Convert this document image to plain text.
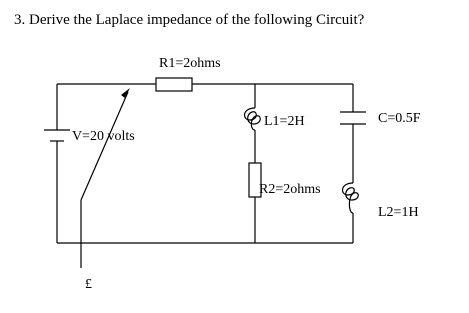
3. Derive the Laplace impedance of the following Circuit?
R1=2ohms
V=20 volts
£
L1=2H
R2=2ohms
C=0.5F
L2=1H
